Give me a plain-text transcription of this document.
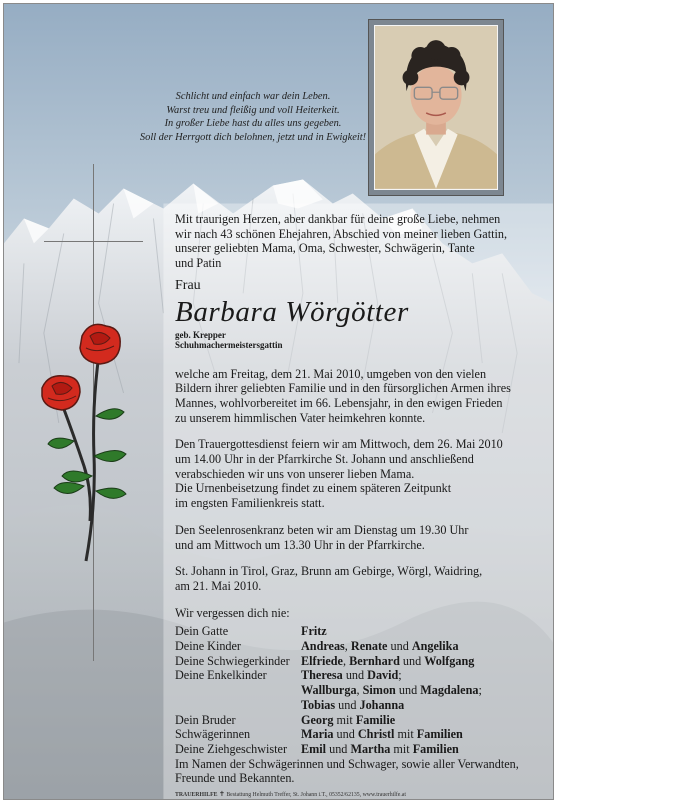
Schlicht und einfach war dein Leben.
Warst treu und fleißig und voll Heiterkeit.
In großer Liebe hast du alles uns gegeben.
Soll der Herrgott dich belohnen, jetzt und in Ewigkeit!

Mit traurigen Herzen, aber dankbar für deine große Liebe, nehmen
wir nach 43 schönen Ehejahren, Abschied von meiner lieben Gattin,
unserer geliebten Mama, Oma, Schwester, Schwägerin, Tante
und Patin

Frau

Barbara Wörgötter

geb. Krepper

Schuhmachermeistersgattin

welche am Freitag, dem 21. Mai 2010, umgeben von den vielen
Bildern ihrer geliebten Familie und in den fürsorglichen Armen ihres
Mannes, wohlvorbereitet im 66. Lebensjahr, in den ewigen Frieden
zu unserem himmlischen Vater heimkehren konnte.

Den Trauergottesdienst feiern wir am Mittwoch, dem 26. Mai 2010
um 14.00 Uhr in der Pfarrkirche St. Johann und anschließend
verabschieden wir uns von unserer lieben Mama.
Die Urnenbeisetzung findet zu einem späteren Zeitpunkt
im engsten Familienkreis statt.

Den Seelenrosenkranz beten wir am Dienstag um 19.30 Uhr
und am Mittwoch um 13.30 Uhr in der Pfarrkirche.

St. Johann in Tirol, Graz, Brunn am Gebirge, Wörgl, Waidring,
am 21. Mai 2010.

Wir vergessen dich nie:

Dein Gatte	Fritz
Deine Kinder	Andreas, Renate und Angelika
Deine Schwiegerkinder Elfriede, Bernhard und Wolfgang
Deine Enkelkinder	Theresa und David;
Wallburga, Simon und Magdalena;
Tobias und Johanna
Dein Bruder	Georg mit Familie
Schwägerinnen	Maria und Christl mit Familien
Deine Ziehgeschwister	Emil und Martha mit Familien

Im Namen der Schwägerinnen und Schwager, sowie aller Verwandten,
Freunde und Bekannten.

TRAUERHILFE ✝ Bestattung Helmuth Treffer, St. Johann i.T., 05352/62135, www.trauerhilfe.at
